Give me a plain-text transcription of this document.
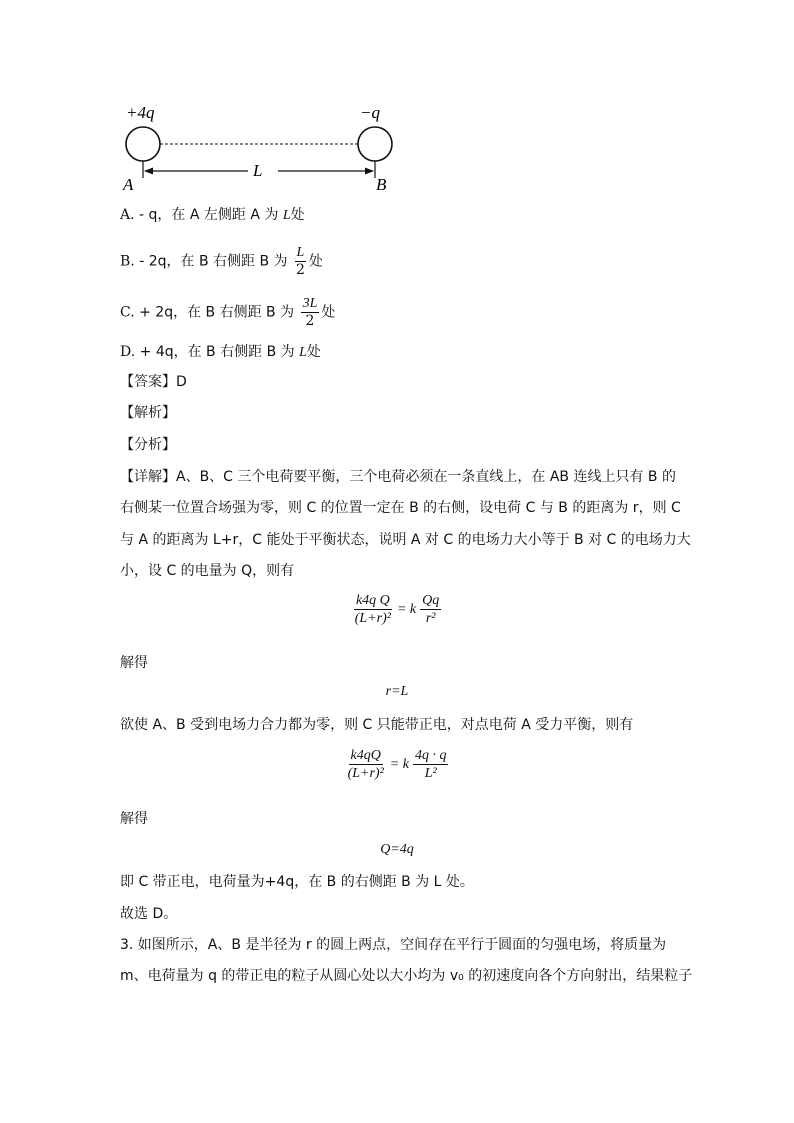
+4q	−q
L
A	B
A. - q，在 A 左侧距 A 为 L处
B. - 2q，在 B 右侧距 B 为 $\frac{L}{2}$ 处
C. + 2q，在 B 右侧距 B 为 $\frac{3L}{2}$ 处
D. + 4q，在 B 右侧距 B 为 L处
【答案】D
【解析】
【分析】
【详解】A、B、C 三个电荷要平衡，三个电荷必须在一条直线上，在 AB 连线上只有 B 的
右侧某一位置合场强为零，则 C 的位置一定在 B 的右侧，设电荷 C 与 B 的距离为 r，则 C
与 A 的距离为 L+r，C 能处于平衡状态，说明 A 对 C 的电场力大小等于 B 对 C 的电场力大
小，设 C 的电量为 Q，则有
$\frac{\text{k4q Q}}{\text{(L+r)²}} = k \frac{Qq}{\text{r²}}$
解得
r=L
欲使 A、B 受到电场力合力都为零，则 C 只能带正电，对点电荷 A 受力平衡，则有
$\frac{k4qQ}{\text{(L+r)²}} = k \frac{4q \cdot q}{\text{L²}}$
解得
Q=4q
即 C 带正电，电荷量为+4q，在 B 的右侧距 B 为 L 处。
故选 D。
3. 如图所示，A、B 是半径为 r 的圆上两点，空间存在平行于圆面的匀强电场，将质量为
m、电荷量为 q 的带正电的粒子从圆心处以大小均为 v₀ 的初速度向各个方向射出，结果粒子
